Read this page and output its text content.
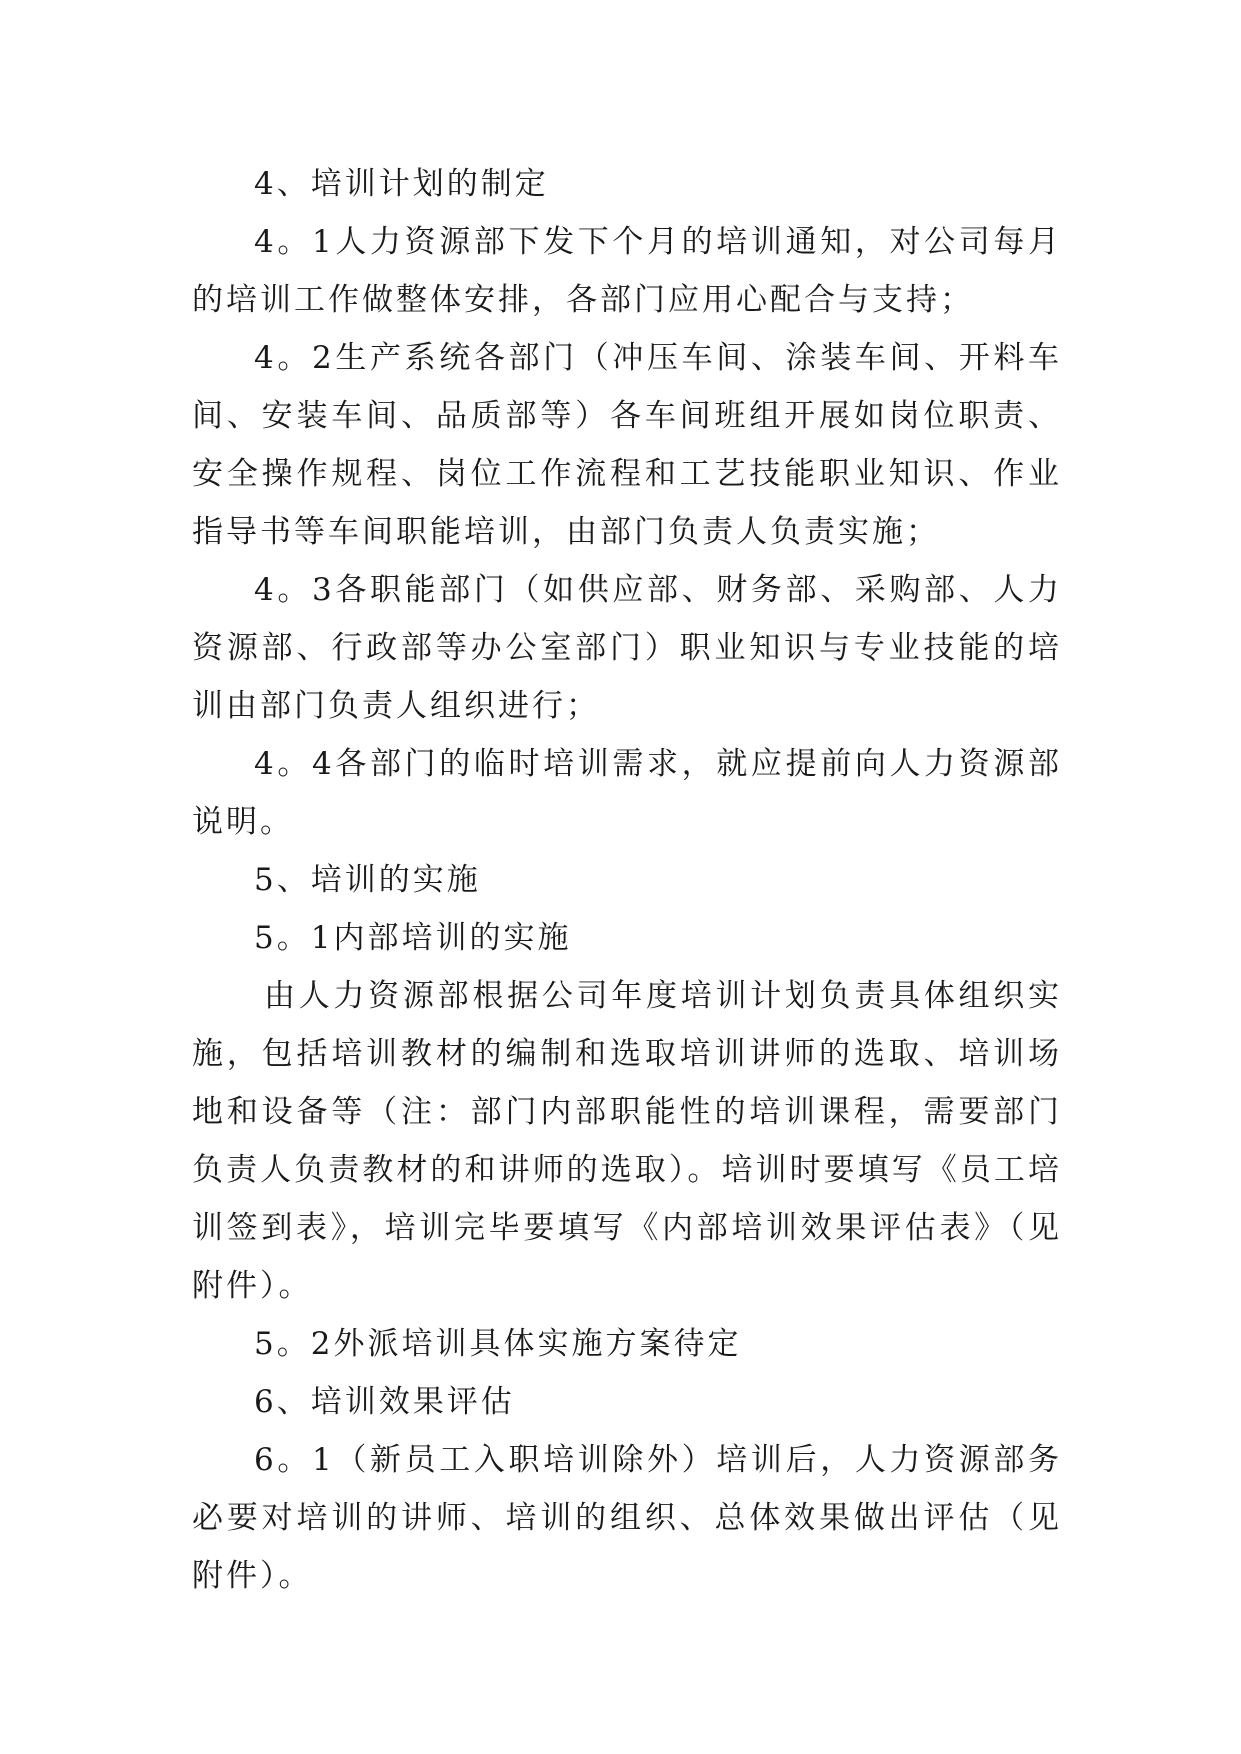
4、培训计划的制定

4。1人力资源部下发下个月的培训通知，对公司每月的培训工作做整体安排，各部门应用心配合与支持；

4。2生产系统各部门（冲压车间、涂装车间、开料车间、安装车间、品质部等）各车间班组开展如岗位职责、安全操作规程、岗位工作流程和工艺技能职业知识、作业指导书等车间职能培训，由部门负责人负责实施；

4。3各职能部门（如供应部、财务部、采购部、人力资源部、行政部等办公室部门）职业知识与专业技能的培训由部门负责人组织进行；

4。4各部门的临时培训需求，就应提前向人力资源部说明。

5、培训的实施

5。1内部培训的实施

由人力资源部根据公司年度培训计划负责具体组织实施，包括培训教材的编制和选取培训讲师的选取、培训场地和设备等（注：部门内部职能性的培训课程，需要部门负责人负责教材的和讲师的选取）。培训时要填写《员工培训签到表》，培训完毕要填写《内部培训效果评估表》（见附件）。

5。2外派培训具体实施方案待定

6、培训效果评估

6。1（新员工入职培训除外）培训后，人力资源部务必要对培训的讲师、培训的组织、总体效果做出评估（见附件）。
